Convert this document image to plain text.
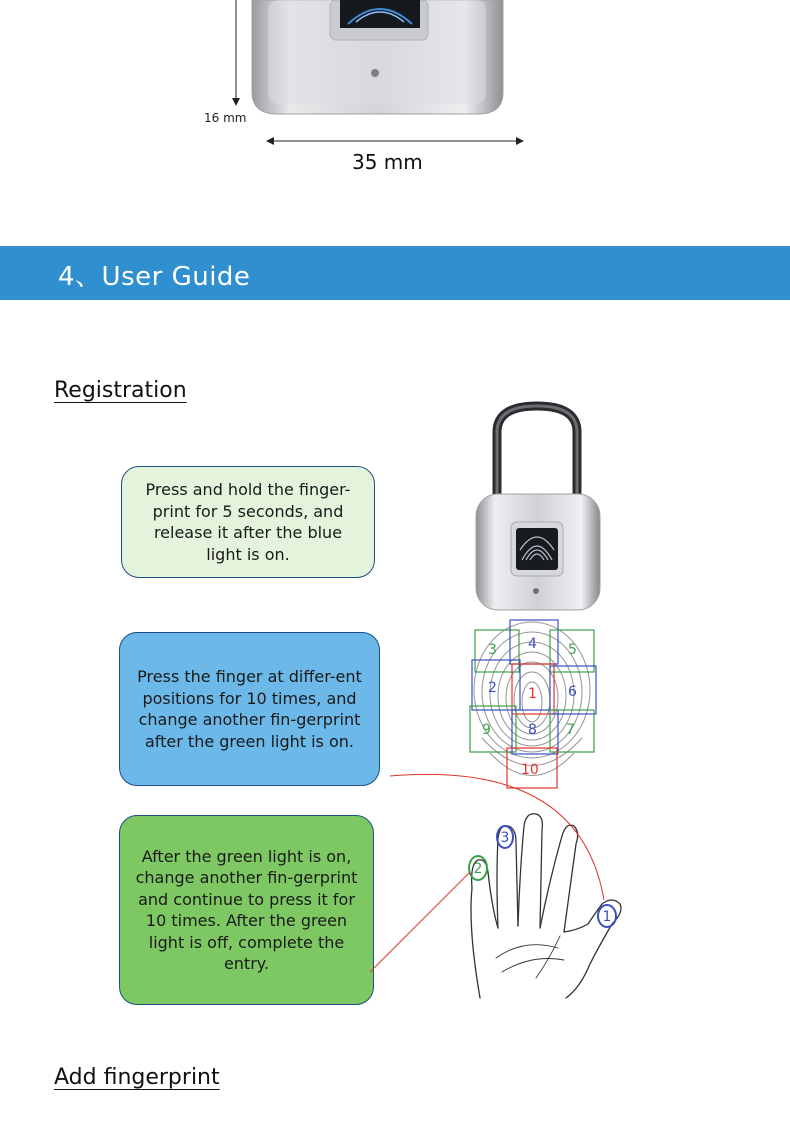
16 mm
35 mm
4、User Guide
Registration
Press and hold the finger-print for 5 seconds, and release it after the blue light is on.
Press the finger at differ-ent positions for 10 times, and change another fin-gerprint after the green light is on.
After the green light is on, change another fin-gerprint and continue to press it for 10 times. After the green light is off, complete the entry.
1
2
3 4 5
6
7
8
9
10
1
2
3
Add fingerprint
